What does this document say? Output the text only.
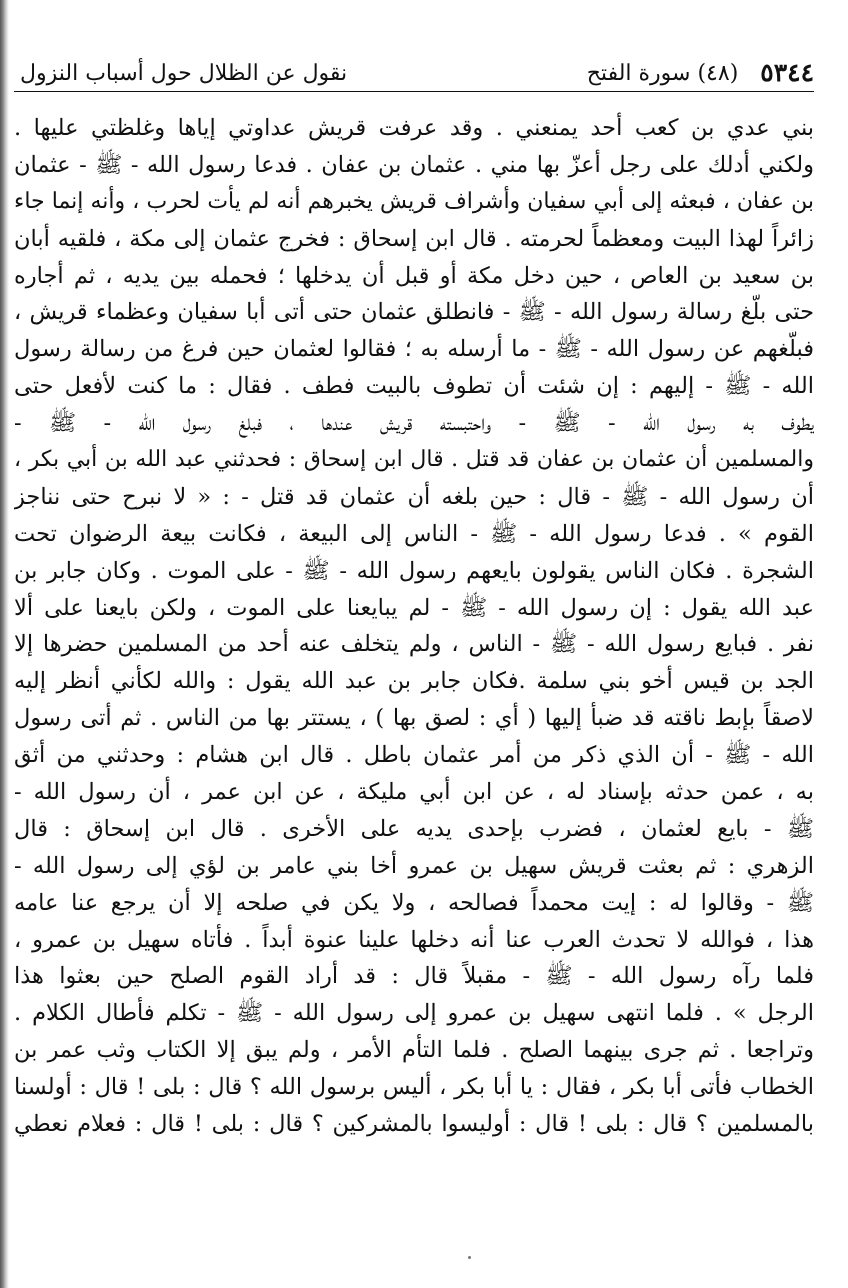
٥٣٤٤
(٤٨) سورة الفتح
نقول عن الظلال حول أسباب النزول
بني عدي بن كعب أحد يمنعني . وقد عرفت قريش عداوتي إياها وغلظتي عليها .
ولكني أدلك على رجل أعزّ بها مني . عثمان بن عفان . فدعا رسول الله - ﷺ - عثمان
بن عفان ، فبعثه إلى أبي سفيان وأشراف قريش يخبرهم أنه لم يأت لحرب ، وأنه إنما جاء
زائراً لهذا البيت ومعظماً لحرمته . قال ابن إسحاق : فخرج عثمان إلى مكة ، فلقيه أبان
بن سعيد بن العاص ، حين دخل مكة أو قبل أن يدخلها ؛ فحمله بين يديه ، ثم أجاره
حتى بلّغ رسالة رسول الله - ﷺ - فانطلق عثمان حتى أتى أبا سفيان وعظماء قريش ،
فبلّغهم عن رسول الله - ﷺ - ما أرسله به ؛ فقالوا لعثمان حين فرغ من رسالة رسول
الله - ﷺ - إليهم : إن شئت أن تطوف بالبيت فطف . فقال : ما كنت لأفعل حتى
يطوف به رسول الله - ﷺ - واحتبسته قريش عندها ، فبلغ رسول الله - ﷺ -
والمسلمين أن عثمان بن عفان قد قتل . قال ابن إسحاق : فحدثني عبد الله بن أبي بكر ،
أن رسول الله - ﷺ - قال : حين بلغه أن عثمان قد قتل - : « لا نبرح حتى نناجز
القوم » . فدعا رسول الله - ﷺ - الناس إلى البيعة ، فكانت بيعة الرضوان تحت
الشجرة . فكان الناس يقولون بايعهم رسول الله - ﷺ - على الموت . وكان جابر بن
عبد الله يقول : إن رسول الله - ﷺ - لم يبايعنا على الموت ، ولكن بايعنا على ألا
نفر . فبايع رسول الله - ﷺ - الناس ، ولم يتخلف عنه أحد من المسلمين حضرها إلا
الجد بن قيس أخو بني سلمة .فكان جابر بن عبد الله يقول : والله لكأني أنظر إليه
لاصقاً بإبط ناقته قد ضبأ إليها ( أي : لصق بها ) ، يستتر بها من الناس . ثم أتى رسول
الله - ﷺ - أن الذي ذكر من أمر عثمان باطل . قال ابن هشام : وحدثني من أثق
به ، عمن حدثه بإسناد له ، عن ابن أبي مليكة ، عن ابن عمر ، أن رسول الله -
ﷺ - بايع لعثمان ، فضرب بإحدى يديه على الأخرى . قال ابن إسحاق : قال
الزهري : ثم بعثت قريش سهيل بن عمرو أخا بني عامر بن لؤي إلى رسول الله -
ﷺ - وقالوا له : إيت محمداً فصالحه ، ولا يكن في صلحه إلا أن يرجع عنا عامه
هذا ، فوالله لا تحدث العرب عنا أنه دخلها علينا عنوة أبداً . فأتاه سهيل بن عمرو ،
فلما رآه رسول الله - ﷺ - مقبلاً قال : قد أراد القوم الصلح حين بعثوا هذا
الرجل » . فلما انتهى سهيل بن عمرو إلى رسول الله - ﷺ - تكلم فأطال الكلام .
وتراجعا . ثم جرى بينهما الصلح . فلما التأم الأمر ، ولم يبق إلا الكتاب وثب عمر بن
الخطاب فأتى أبا بكر ، فقال : يا أبا بكر ، أليس برسول الله ؟ قال : بلى ! قال : أولسنا
بالمسلمين ؟ قال : بلى ! قال : أوليسوا بالمشركين ؟ قال : بلى ! قال : فعلام نعطي
